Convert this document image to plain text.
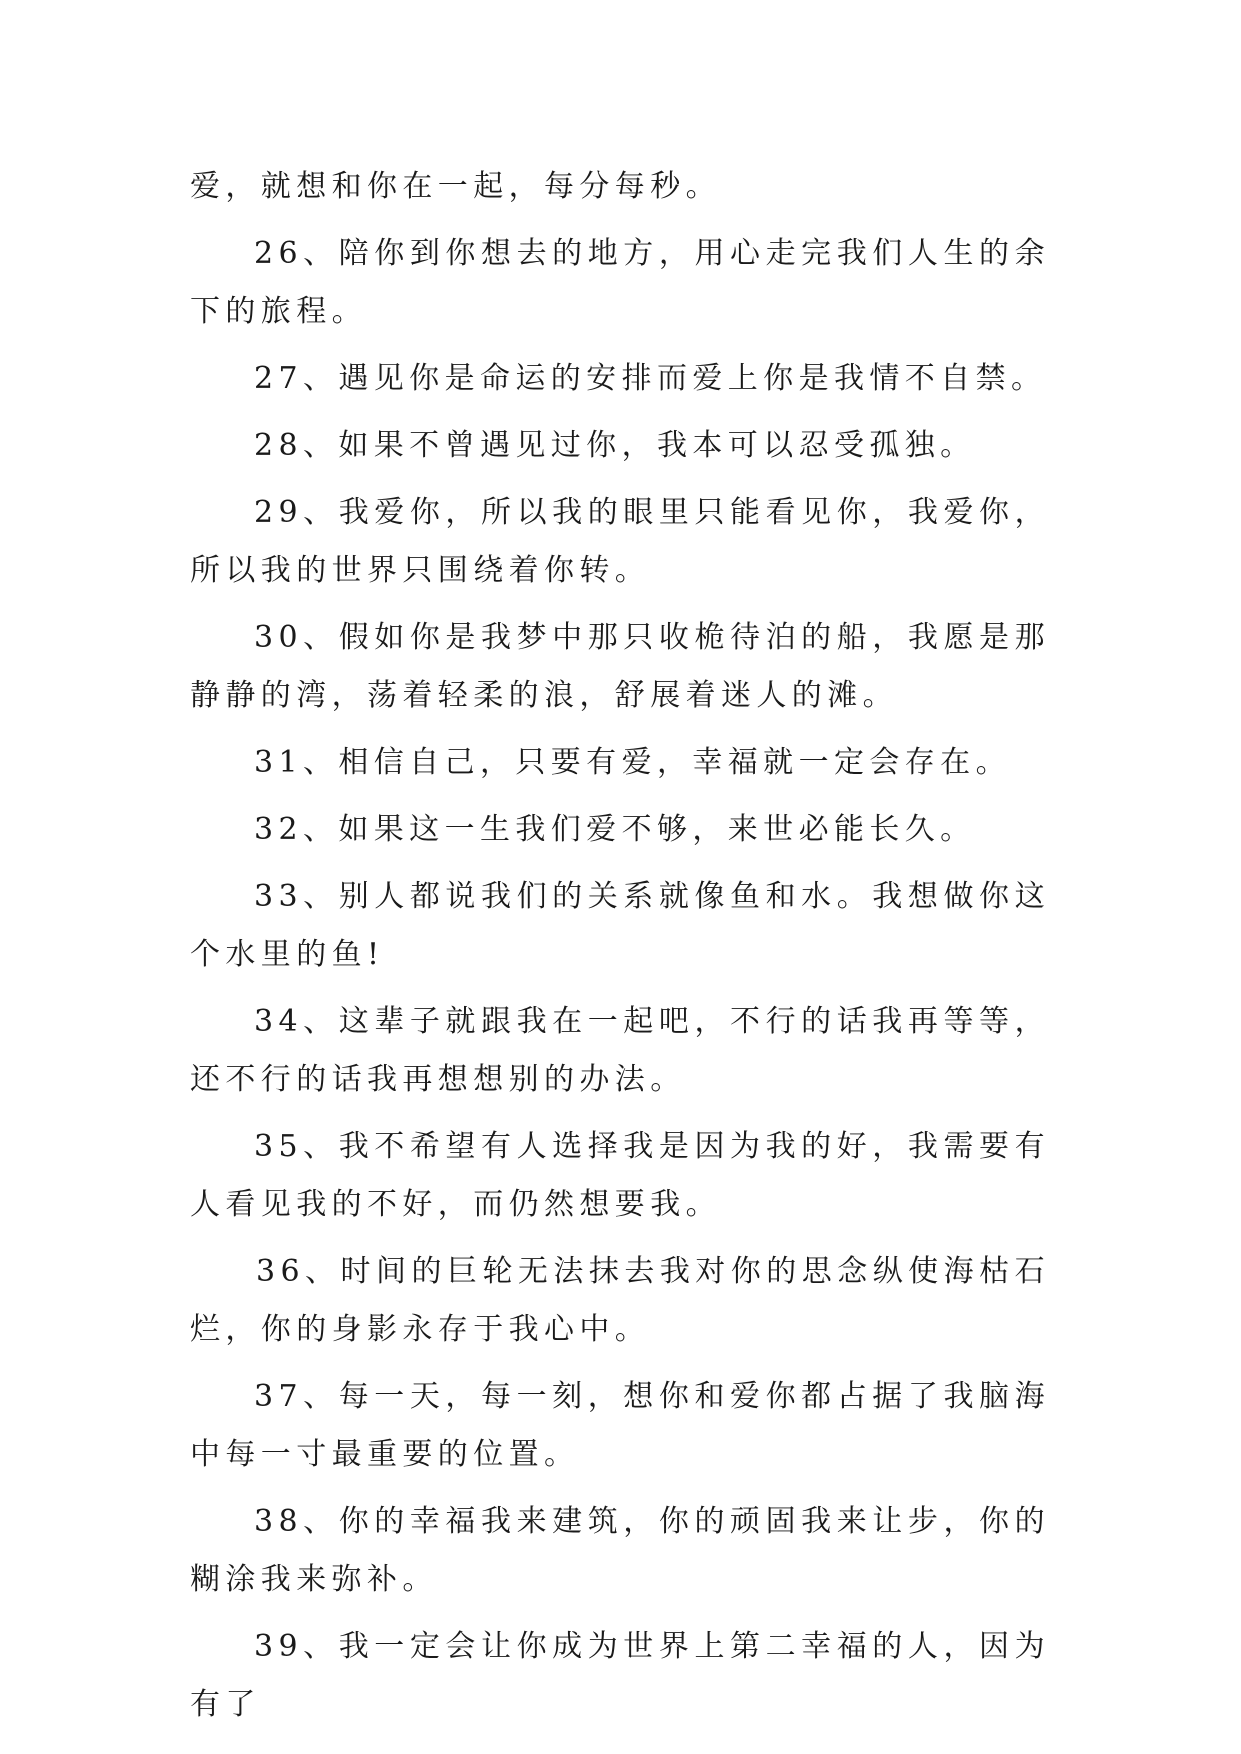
爱，就想和你在一起，每分每秒。

26、陪你到你想去的地方，用心走完我们人生的余下的旅程。

27、遇见你是命运的安排而爱上你是我情不自禁。

28、如果不曾遇见过你，我本可以忍受孤独。

29、我爱你，所以我的眼里只能看见你，我爱你，所以我的世界只围绕着你转。

30、假如你是我梦中那只收桅待泊的船，我愿是那静静的湾，荡着轻柔的浪，舒展着迷人的滩。

31、相信自己，只要有爱，幸福就一定会存在。

32、如果这一生我们爱不够，来世必能长久。

33、别人都说我们的关系就像鱼和水。我想做你这个水里的鱼!

34、这辈子就跟我在一起吧，不行的话我再等等，还不行的话我再想想别的办法。

35、我不希望有人选择我是因为我的好，我需要有人看见我的不好，而仍然想要我。

36、时间的巨轮无法抹去我对你的思念纵使海枯石烂，你的身影永存于我心中。

37、每一天，每一刻，想你和爱你都占据了我脑海中每一寸最重要的位置。

38、你的幸福我来建筑，你的顽固我来让步，你的糊涂我来弥补。

39、我一定会让你成为世界上第二幸福的人，因为有了
